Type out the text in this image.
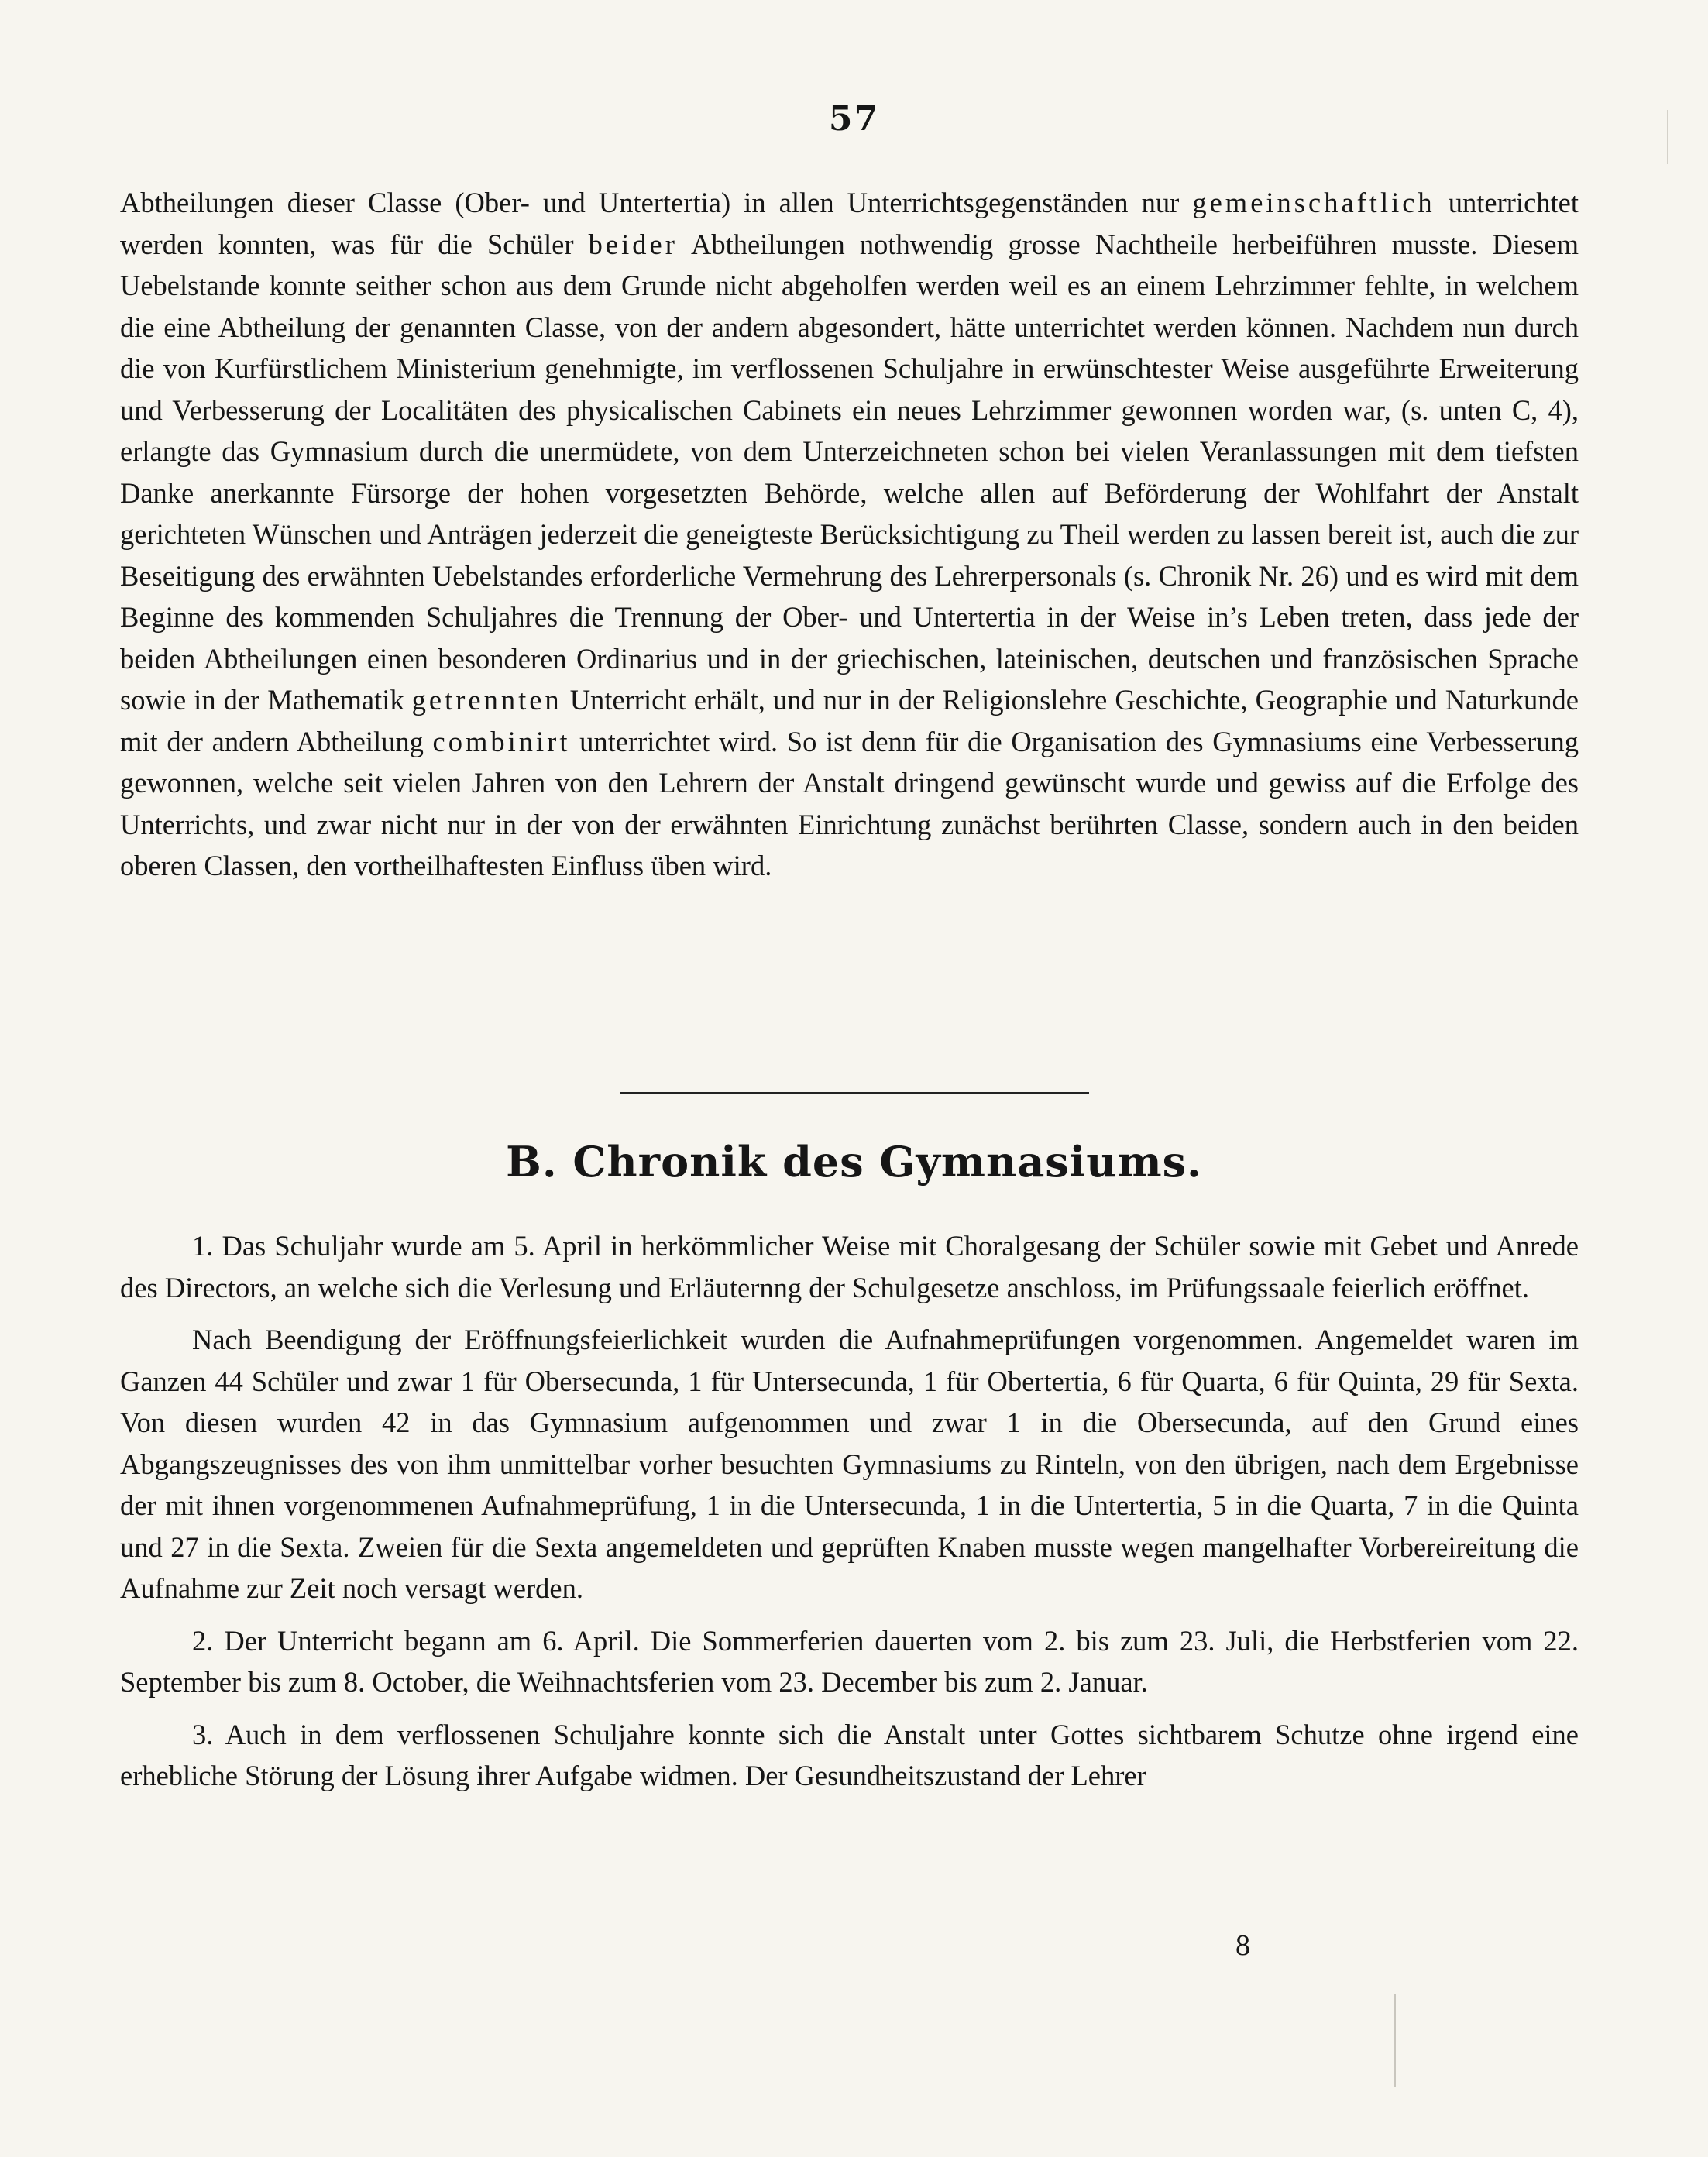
57

Abtheilungen dieser Classe (Ober- und Untertertia) in allen Unterrichtsgegenständen nur gemeinschaftlich unterrichtet werden konnten, was für die Schüler beider Abtheilungen nothwendig grosse Nachtheile herbeiführen musste. Diesem Uebelstande konnte seither schon aus dem Grunde nicht abgeholfen werden weil es an einem Lehrzimmer fehlte, in welchem die eine Abtheilung der genannten Classe, von der andern abgesondert, hätte unterrichtet werden können. Nachdem nun durch die von Kurfürstlichem Ministerium genehmigte, im verflossenen Schuljahre in erwünschtester Weise ausgeführte Erweiterung und Verbesserung der Localitäten des physicalischen Cabinets ein neues Lehrzimmer gewonnen worden war, (s. unten C, 4), erlangte das Gymnasium durch die unermüdete, von dem Unterzeichneten schon bei vielen Veranlassungen mit dem tiefsten Danke anerkannte Fürsorge der hohen vorgesetzten Behörde, welche allen auf Beförderung der Wohlfahrt der Anstalt gerichteten Wünschen und Anträgen jederzeit die geneigteste Berücksichtigung zu Theil werden zu lassen bereit ist, auch die zur Beseitigung des erwähnten Uebelstandes erforderliche Vermehrung des Lehrerpersonals (s. Chronik Nr. 26) und es wird mit dem Beginne des kommenden Schuljahres die Trennung der Ober- und Untertertia in der Weise in’s Leben treten, dass jede der beiden Abtheilungen einen besonderen Ordinarius und in der griechischen, lateinischen, deutschen und französischen Sprache sowie in der Mathematik getrennten Unterricht erhält, und nur in der Religionslehre Geschichte, Geographie und Naturkunde mit der andern Abtheilung combinirt unterrichtet wird. So ist denn für die Organisation des Gymnasiums eine Verbesserung gewonnen, welche seit vielen Jahren von den Lehrern der Anstalt dringend gewünscht wurde und gewiss auf die Erfolge des Unterrichts, und zwar nicht nur in der von der erwähnten Einrichtung zunächst berührten Classe, sondern auch in den beiden oberen Classen, den vortheilhaftesten Einfluss üben wird.

B. Chronik des Gymnasiums.

1. Das Schuljahr wurde am 5. April in herkömmlicher Weise mit Choralgesang der Schüler sowie mit Gebet und Anrede des Directors, an welche sich die Verlesung und Erläuternng der Schulgesetze anschloss, im Prüfungssaale feierlich eröffnet.

Nach Beendigung der Eröffnungsfeierlichkeit wurden die Aufnahmeprüfungen vorgenommen. Angemeldet waren im Ganzen 44 Schüler und zwar 1 für Obersecunda, 1 für Untersecunda, 1 für Obertertia, 6 für Quarta, 6 für Quinta, 29 für Sexta. Von diesen wurden 42 in das Gymnasium aufgenommen und zwar 1 in die Obersecunda, auf den Grund eines Abgangszeugnisses des von ihm unmittelbar vorher besuchten Gymnasiums zu Rinteln, von den übrigen, nach dem Ergebnisse der mit ihnen vorgenommenen Aufnahmeprüfung, 1 in die Untersecunda, 1 in die Untertertia, 5 in die Quarta, 7 in die Quinta und 27 in die Sexta. Zweien für die Sexta angemeldeten und geprüften Knaben musste wegen mangelhafter Vorbereireitung die Aufnahme zur Zeit noch versagt werden.

2. Der Unterricht begann am 6. April. Die Sommerferien dauerten vom 2. bis zum 23. Juli, die Herbstferien vom 22. September bis zum 8. October, die Weihnachtsferien vom 23. December bis zum 2. Januar.

3. Auch in dem verflossenen Schuljahre konnte sich die Anstalt unter Gottes sichtbarem Schutze ohne irgend eine erhebliche Störung der Lösung ihrer Aufgabe widmen. Der Gesundheitszustand der Lehrer

8
